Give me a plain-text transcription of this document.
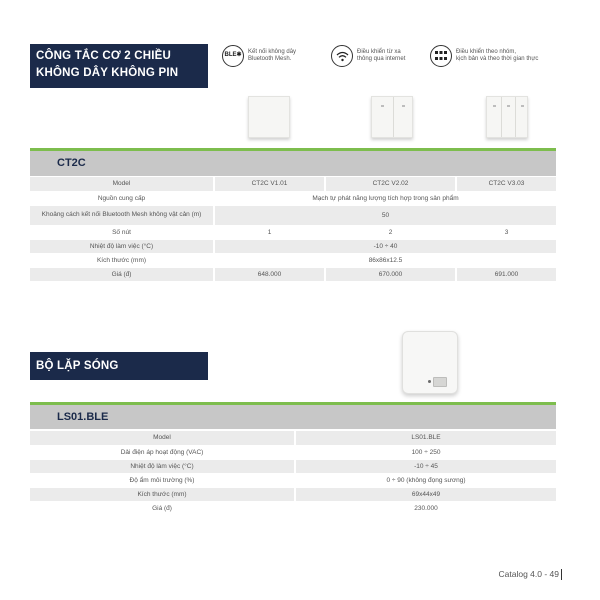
CÔNG TẮC CƠ 2 CHIỀU
KHÔNG DÂY KHÔNG PIN
BLE ✱
Kết nối không dây
Bluetooth Mesh.
Điều khiển từ xa
thông qua internet
Điều khiển theo nhóm,
kịch bản và theo thời gian thực
CT2C
Model	CT2C V1.01	CT2C V2.02	CT2C V3.03
Nguồn cung cấp	Mạch tự phát năng lượng tích hợp trong sản phẩm		
Khoảng cách kết nối Bluetooth Mesh không vật cản (m)	50		
Số nút	1	2	3
Nhiệt độ làm việc (°C)	-10 ÷ 40		
Kích thước (mm)	86x86x12.5		
Giá (đ)	648.000	670.000	691.000
BỘ LẶP SÓNG
LS01.BLE
Model	LS01.BLE
Dải điện áp hoạt động (VAC)	100 ÷ 250
Nhiệt độ làm việc (°C)	-10 ÷ 45
Độ ẩm môi trường (%)	0 ÷ 90 (không đọng sương)
Kích thước (mm)	69x44x49
Giá (đ)	230.000
Catalog 4.0 - 49
